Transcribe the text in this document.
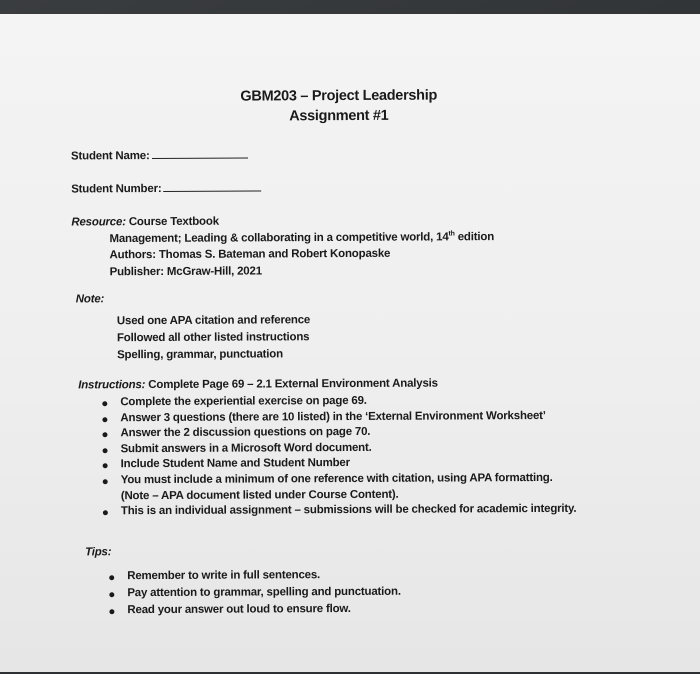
GBM203 – Project Leadership
Assignment #1
Student Name:
Student Number:
Resource: Course Textbook
Management; Leading & collaborating in a competitive world, 14th edition
Authors: Thomas S. Bateman and Robert Konopaske
Publisher: McGraw-Hill, 2021
Note:
Used one APA citation and reference
Followed all other listed instructions
Spelling, grammar, punctuation
Instructions: Complete Page 69 – 2.1 External Environment Analysis
Complete the experiential exercise on page 69.
Answer 3 questions (there are 10 listed) in the ‘External Environment Worksheet’
Answer the 2 discussion questions on page 70.
Submit answers in a Microsoft Word document.
Include Student Name and Student Number
You must include a minimum of one reference with citation, using APA formatting.
(Note – APA document listed under Course Content).
This is an individual assignment – submissions will be checked for academic integrity.
Tips:
Remember to write in full sentences.
Pay attention to grammar, spelling and punctuation.
Read your answer out loud to ensure flow.
